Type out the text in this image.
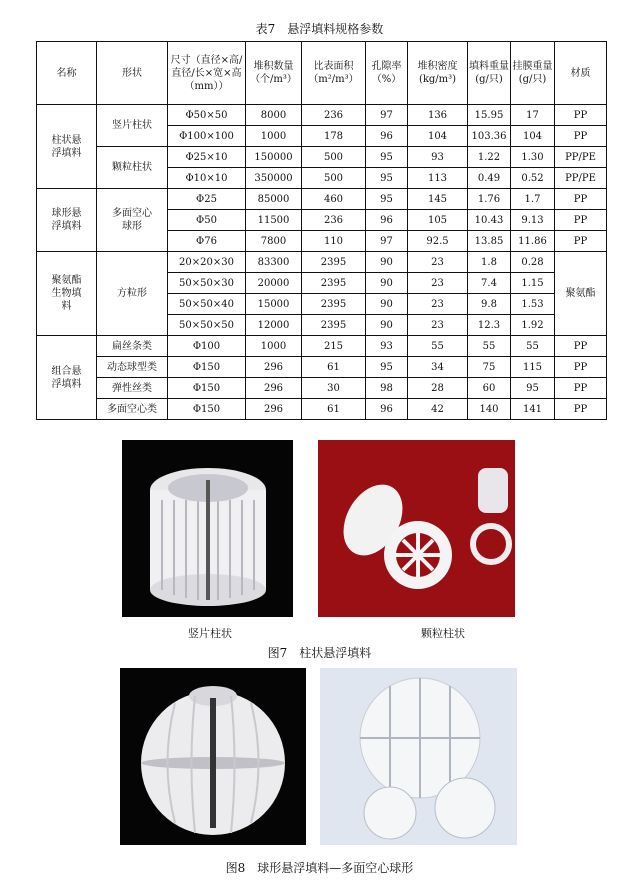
表7　悬浮填料规格参数
名称	形状	尺寸（直径×高/直径/长×宽×高（mm））	堆积数量（个/m³）	比表面积（m²/m³）	孔隙率（%）	堆积密度(kg/m³)	填料重量(g/只)	挂膜重量(g/只)	材质
柱状悬浮填料	竖片柱状	Φ50×50	8000	236	97	136	15.95	17	PP
		Φ100×100	1000	178	96	104	103.36	104	PP
	颗粒柱状	Φ25×10	150000	500	95	93	1.22	1.30	PP/PE
		Φ10×10	350000	500	95	113	0.49	0.52	PP/PE
球形悬浮填料	多面空心球形	Φ25	85000	460	95	145	1.76	1.7	PP
		Φ50	11500	236	96	105	10.43	9.13	PP
		Φ76	7800	110	97	92.5	13.85	11.86	PP
聚氨酯生物填料	方粒形	20×20×30	83300	2395	90	23	1.8	0.28	聚氨酯
		50×50×30	20000	2395	90	23	7.4	1.15	
		50×50×40	15000	2395	90	23	9.8	1.53	
		50×50×50	12000	2395	90	23	12.3	1.92	
组合悬浮填料	扁丝条类	Φ100	1000	215	93	55	55	55	PP
	动态球型类	Φ150	296	61	95	34	75	115	PP
	弹性丝类	Φ150	296	30	98	28	60	95	PP
	多面空心类	Φ150	296	61	96	42	140	141	PP
竖片柱状	颗粒柱状
图7　柱状悬浮填料
图8　球形悬浮填料—多面空心球形
